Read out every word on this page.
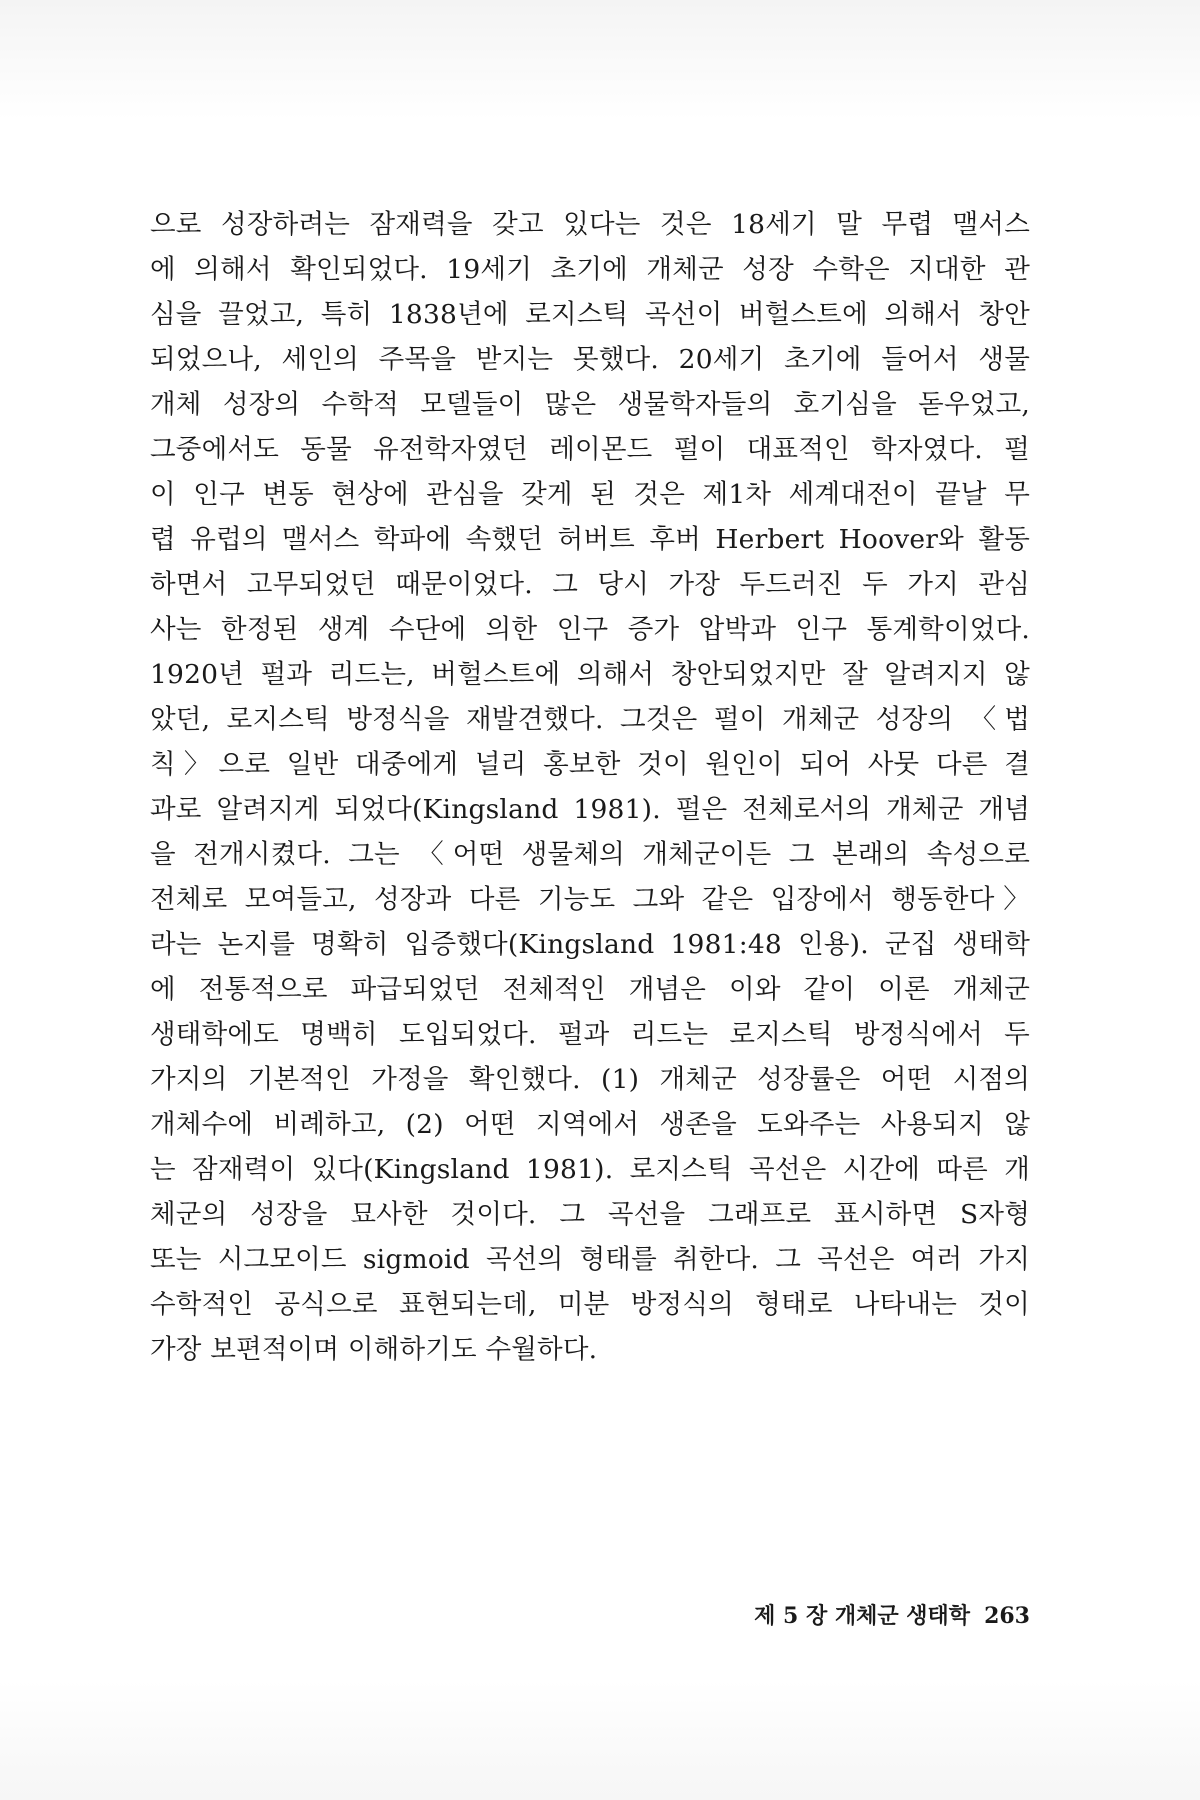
으로 성장하려는 잠재력을 갖고 있다는 것은 18세기 말 무렵 맬서스
에 의해서 확인되었다. 19세기 초기에 개체군 성장 수학은 지대한 관
심을 끌었고, 특히 1838년에 로지스틱 곡선이 버헐스트에 의해서 창안
되었으나, 세인의 주목을 받지는 못했다. 20세기 초기에 들어서 생물
개체 성장의 수학적 모델들이 많은 생물학자들의 호기심을 돋우었고,
그중에서도 동물 유전학자였던 레이몬드 펄이 대표적인 학자였다. 펄
이 인구 변동 현상에 관심을 갖게 된 것은 제1차 세계대전이 끝날 무
렵 유럽의 맬서스 학파에 속했던 허버트 후버 Herbert Hoover와 활동
하면서 고무되었던 때문이었다. 그 당시 가장 두드러진 두 가지 관심
사는 한정된 생계 수단에 의한 인구 증가 압박과 인구 통계학이었다.
1920년 펄과 리드는, 버헐스트에 의해서 창안되었지만 잘 알려지지 않
았던, 로지스틱 방정식을 재발견했다. 그것은 펄이 개체군 성장의 〈법
칙〉으로 일반 대중에게 널리 홍보한 것이 원인이 되어 사뭇 다른 결
과로 알려지게 되었다(Kingsland 1981). 펄은 전체로서의 개체군 개념
을 전개시켰다. 그는 〈어떤 생물체의 개체군이든 그 본래의 속성으로
전체로 모여들고, 성장과 다른 기능도 그와 같은 입장에서 행동한다〉
라는 논지를 명확히 입증했다(Kingsland 1981:48 인용). 군집 생태학
에 전통적으로 파급되었던 전체적인 개념은 이와 같이 이론 개체군
생태학에도 명백히 도입되었다. 펄과 리드는 로지스틱 방정식에서 두
가지의 기본적인 가정을 확인했다. (1) 개체군 성장률은 어떤 시점의
개체수에 비례하고, (2) 어떤 지역에서 생존을 도와주는 사용되지 않
는 잠재력이 있다(Kingsland 1981). 로지스틱 곡선은 시간에 따른 개
체군의 성장을 묘사한 것이다. 그 곡선을 그래프로 표시하면 S자형
또는 시그모이드 sigmoid 곡선의 형태를 취한다. 그 곡선은 여러 가지
수학적인 공식으로 표현되는데, 미분 방정식의 형태로 나타내는 것이
가장 보편적이며 이해하기도 수월하다.
제 5 장 개체군 생태학 263
